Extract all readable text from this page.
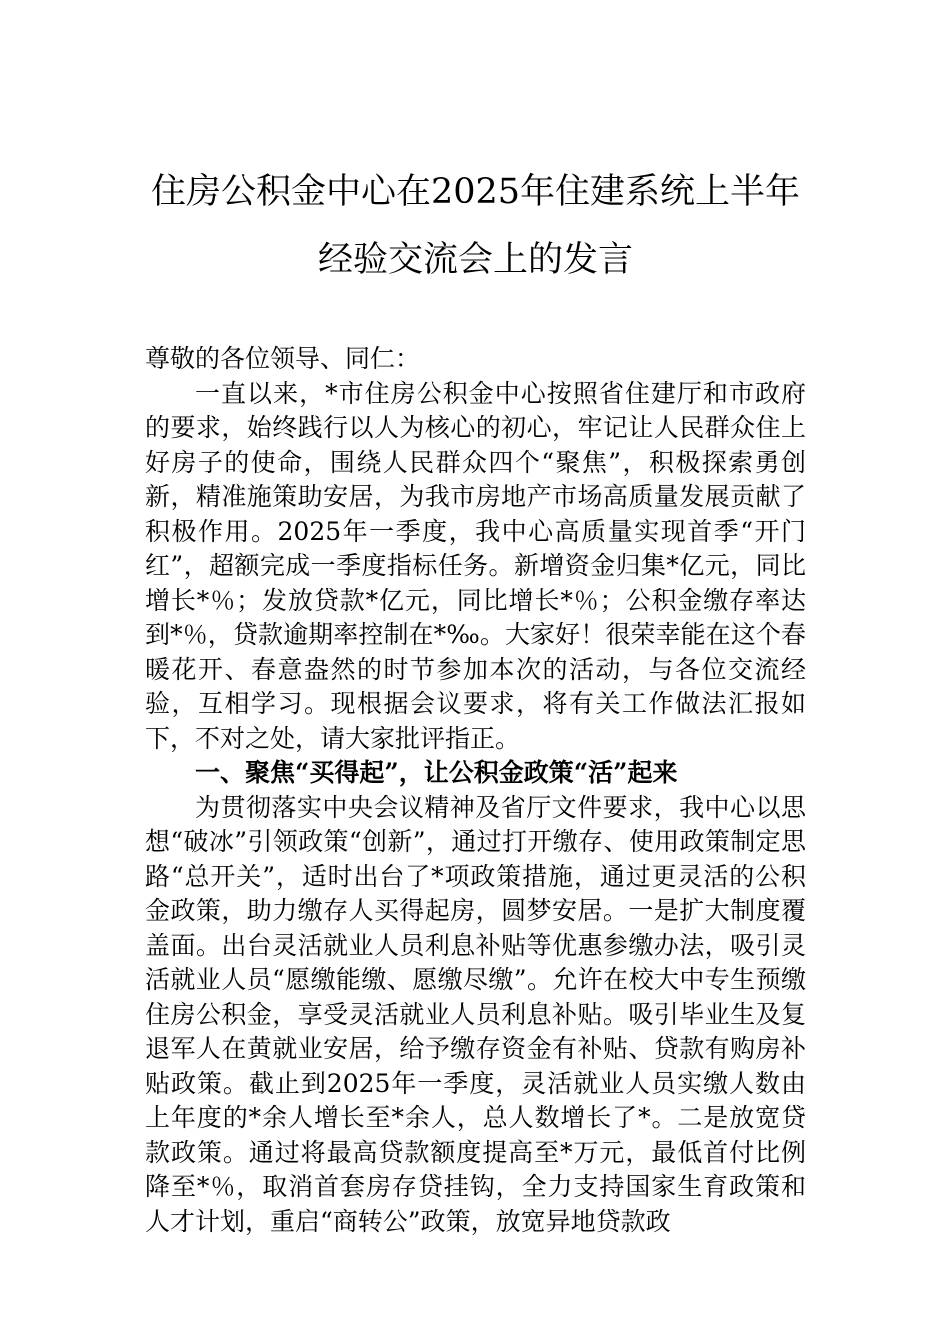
住房公积金中心在2025年住建系统上半年

经验交流会上的发言

尊敬的各位领导、同仁：

一直以来，*市住房公积金中心按照省住建厅和市政府的要求，始终践行以人为核心的初心，牢记让人民群众住上好房子的使命，围绕人民群众四个“聚焦”，积极探索勇创新，精准施策助安居，为我市房地产市场高质量发展贡献了积极作用。2025年一季度，我中心高质量实现首季“开门红”，超额完成一季度指标任务。新增资金归集*亿元，同比增长*％；发放贷款*亿元，同比增长*％；公积金缴存率达到*％，贷款逾期率控制在*‰。大家好！很荣幸能在这个春暖花开、春意盎然的时节参加本次的活动，与各位交流经验，互相学习。现根据会议要求，将有关工作做法汇报如下，不对之处，请大家批评指正。

一、聚焦“买得起”，让公积金政策“活”起来

为贯彻落实中央会议精神及省厅文件要求，我中心以思想“破冰”引领政策“创新”，通过打开缴存、使用政策制定思路“总开关”，适时出台了*项政策措施，通过更灵活的公积金政策，助力缴存人买得起房，圆梦安居。一是扩大制度覆盖面。出台灵活就业人员利息补贴等优惠参缴办法，吸引灵活就业人员“愿缴能缴、愿缴尽缴”。允许在校大中专生预缴住房公积金，享受灵活就业人员利息补贴。吸引毕业生及复退军人在黄就业安居，给予缴存资金有补贴、贷款有购房补贴政策。截止到2025年一季度，灵活就业人员实缴人数由上年度的*余人增长至*余人，总人数增长了*。二是放宽贷款政策。通过将最高贷款额度提高至*万元，最低首付比例降至*％，取消首套房存贷挂钩，全力支持国家生育政策和人才计划，重启“商转公”政策，放宽异地贷款政
